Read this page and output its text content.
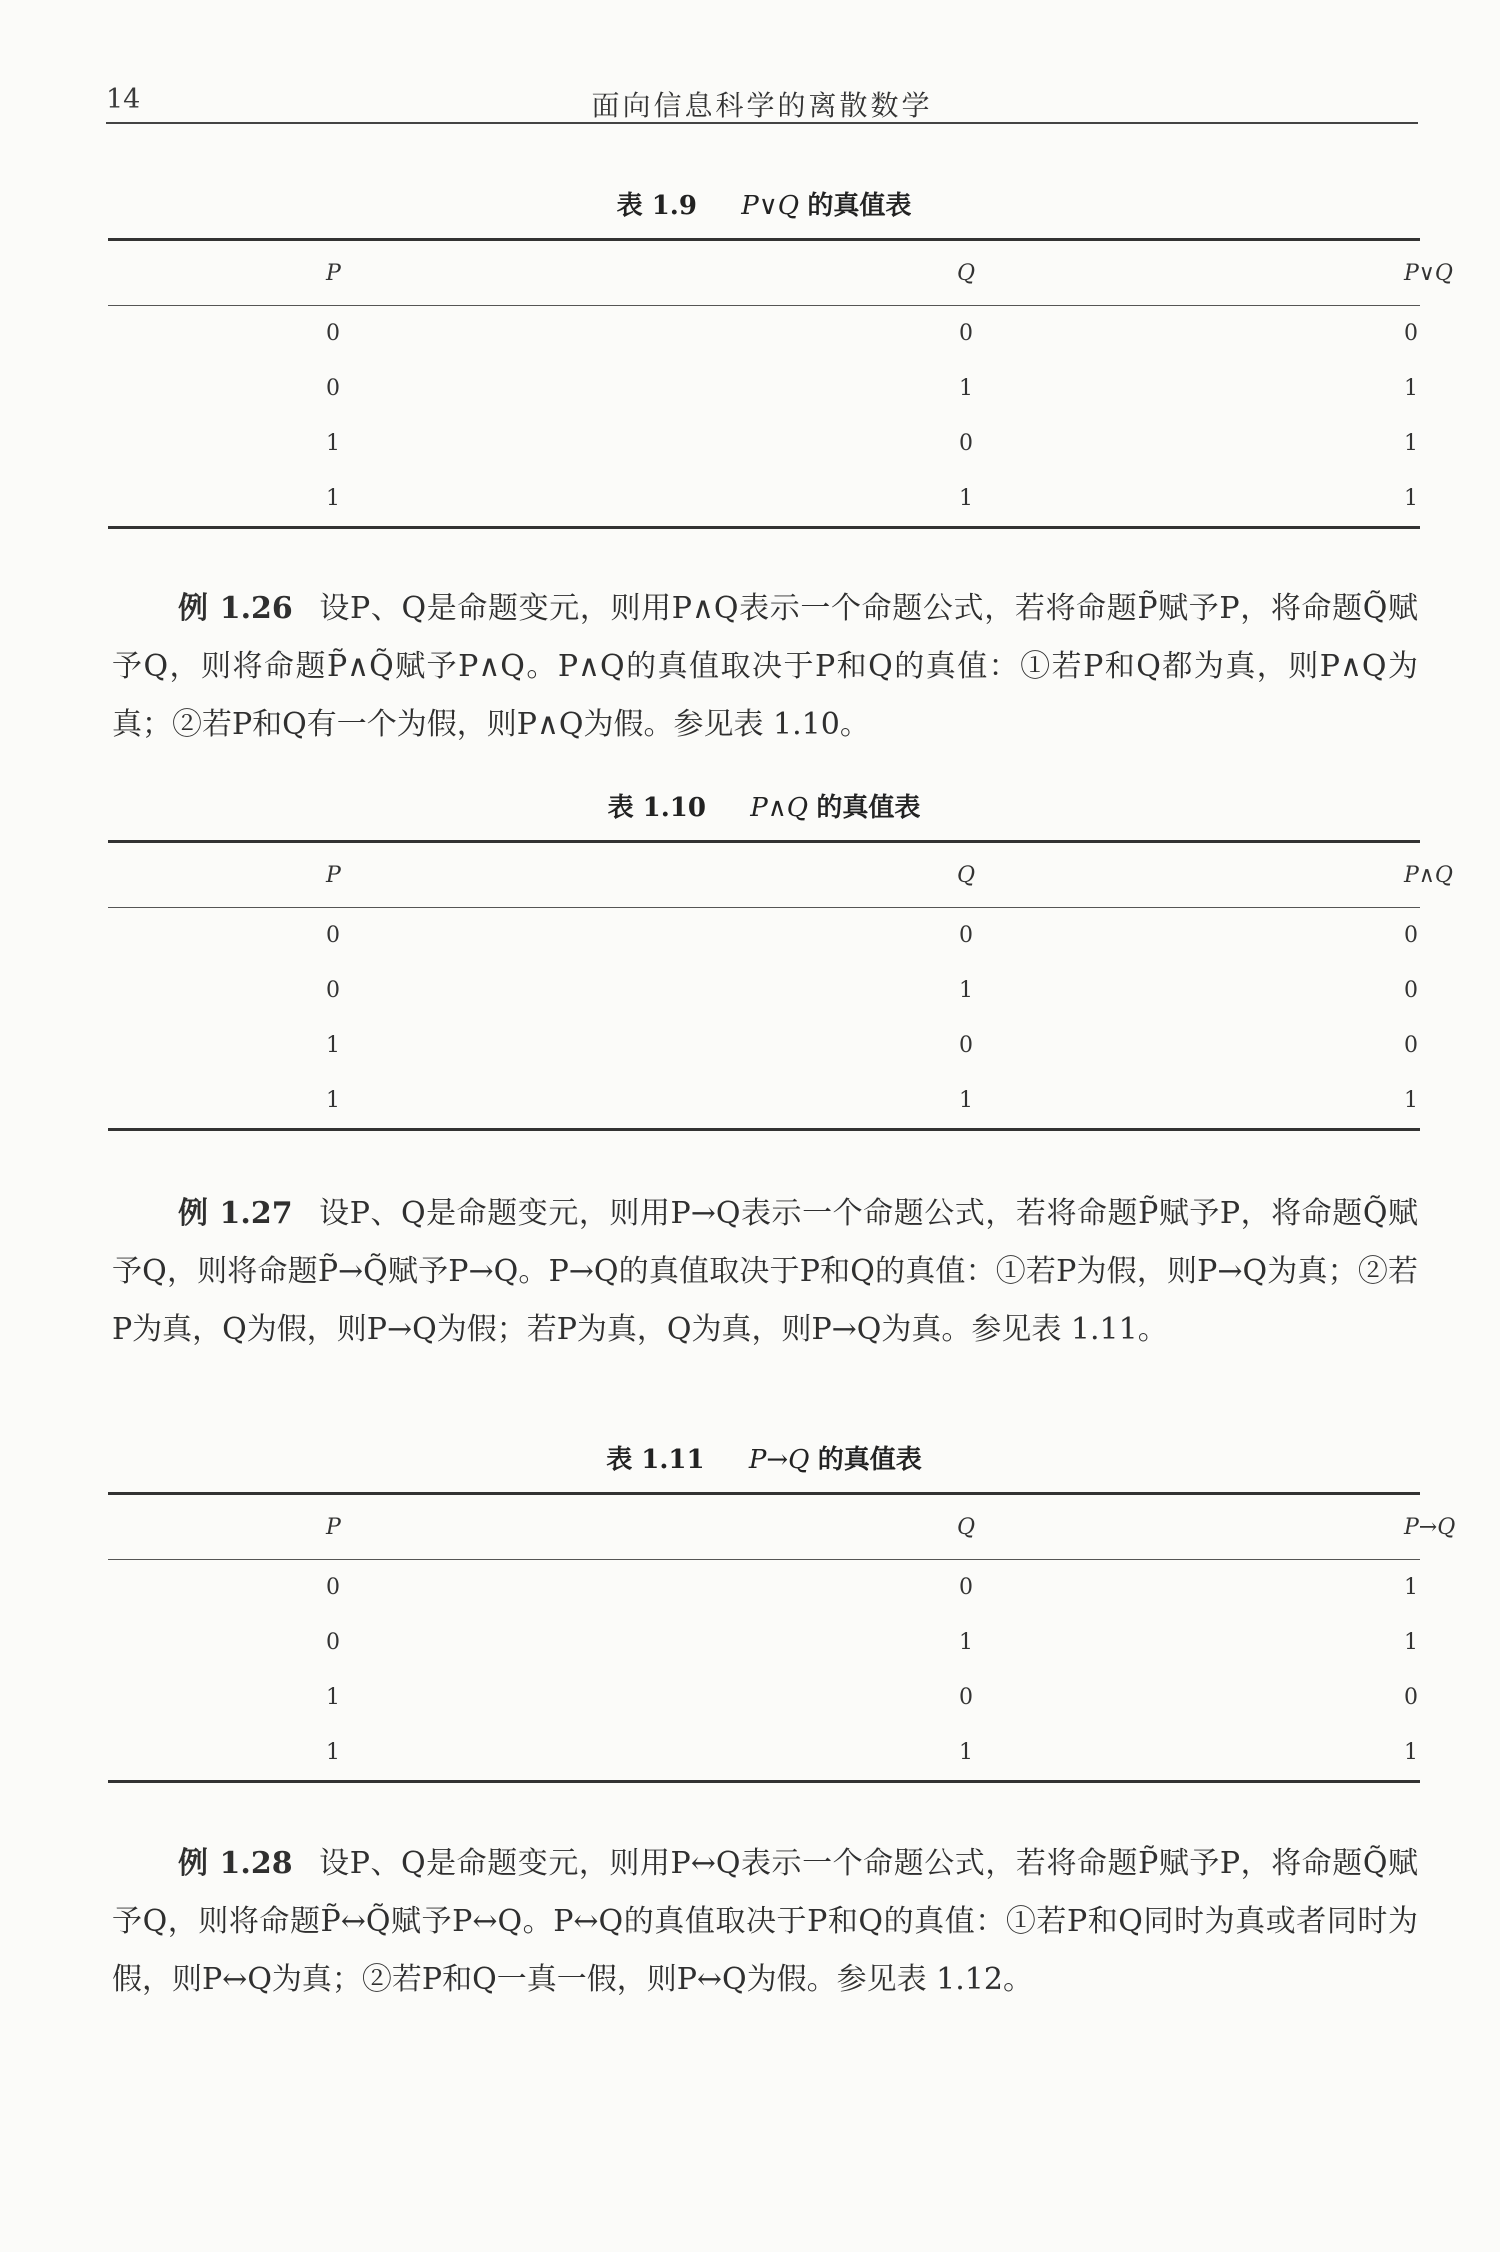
14	面向信息科学的离散数学
表 1.9 P∨Q 的真值表
P	Q	P∨Q

0	0	0
0	1	1
1	0	1
1	1	1
例 1.26 设P、Q是命题变元，则用P∧Q表示一个命题公式，若将命题P̃赋予P，将命题Q̃赋予Q，则将命题P̃∧Q̃赋予P∧Q。P∧Q的真值取决于P和Q的真值：①若P和Q都为真，则P∧Q为真；②若P和Q有一个为假，则P∧Q为假。参见表 1.10。
表 1.10 P∧Q 的真值表
P	Q	P∧Q

0	0	0
0	1	0
1	0	0
1	1	1
例 1.27 设P、Q是命题变元，则用P→Q表示一个命题公式，若将命题P̃赋予P，将命题Q̃赋予Q，则将命题P̃→Q̃赋予P→Q。P→Q的真值取决于P和Q的真值：①若P为假，则P→Q为真；②若P为真，Q为假，则P→Q为假；若P为真，Q为真，则P→Q为真。参见表 1.11。
表 1.11 P→Q 的真值表
P	Q	P→Q

0	0	1
0	1	1
1	0	0
1	1	1
例 1.28 设P、Q是命题变元，则用P↔Q表示一个命题公式，若将命题P̃赋予P，将命题Q̃赋予Q，则将命题P̃↔Q̃赋予P↔Q。P↔Q的真值取决于P和Q的真值：①若P和Q同时为真或者同时为假，则P↔Q为真；②若P和Q一真一假，则P↔Q为假。参见表 1.12。
